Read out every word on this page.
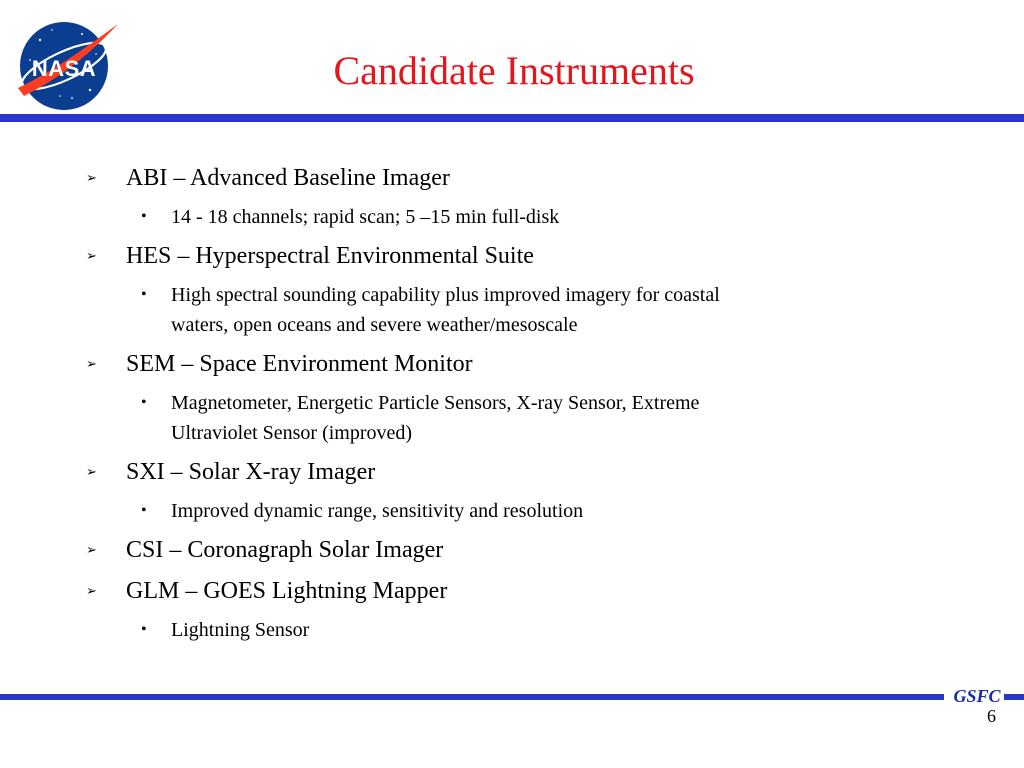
NASA	Candidate Instruments
➢ ABI – Advanced Baseline Imager
• 14 - 18 channels; rapid scan; 5 –15 min full-disk
➢ HES – Hyperspectral Environmental Suite
• High spectral sounding capability plus improved imagery for coastal
waters, open oceans and severe weather/mesoscale
➢ SEM – Space Environment Monitor
• Magnetometer, Energetic Particle Sensors, X-ray Sensor, Extreme
Ultraviolet Sensor (improved)
➢ SXI – Solar X-ray Imager
• Improved dynamic range, sensitivity and resolution
➢ CSI – Coronagraph Solar Imager
➢ GLM – GOES Lightning Mapper
• Lightning Sensor
GSFC
6
